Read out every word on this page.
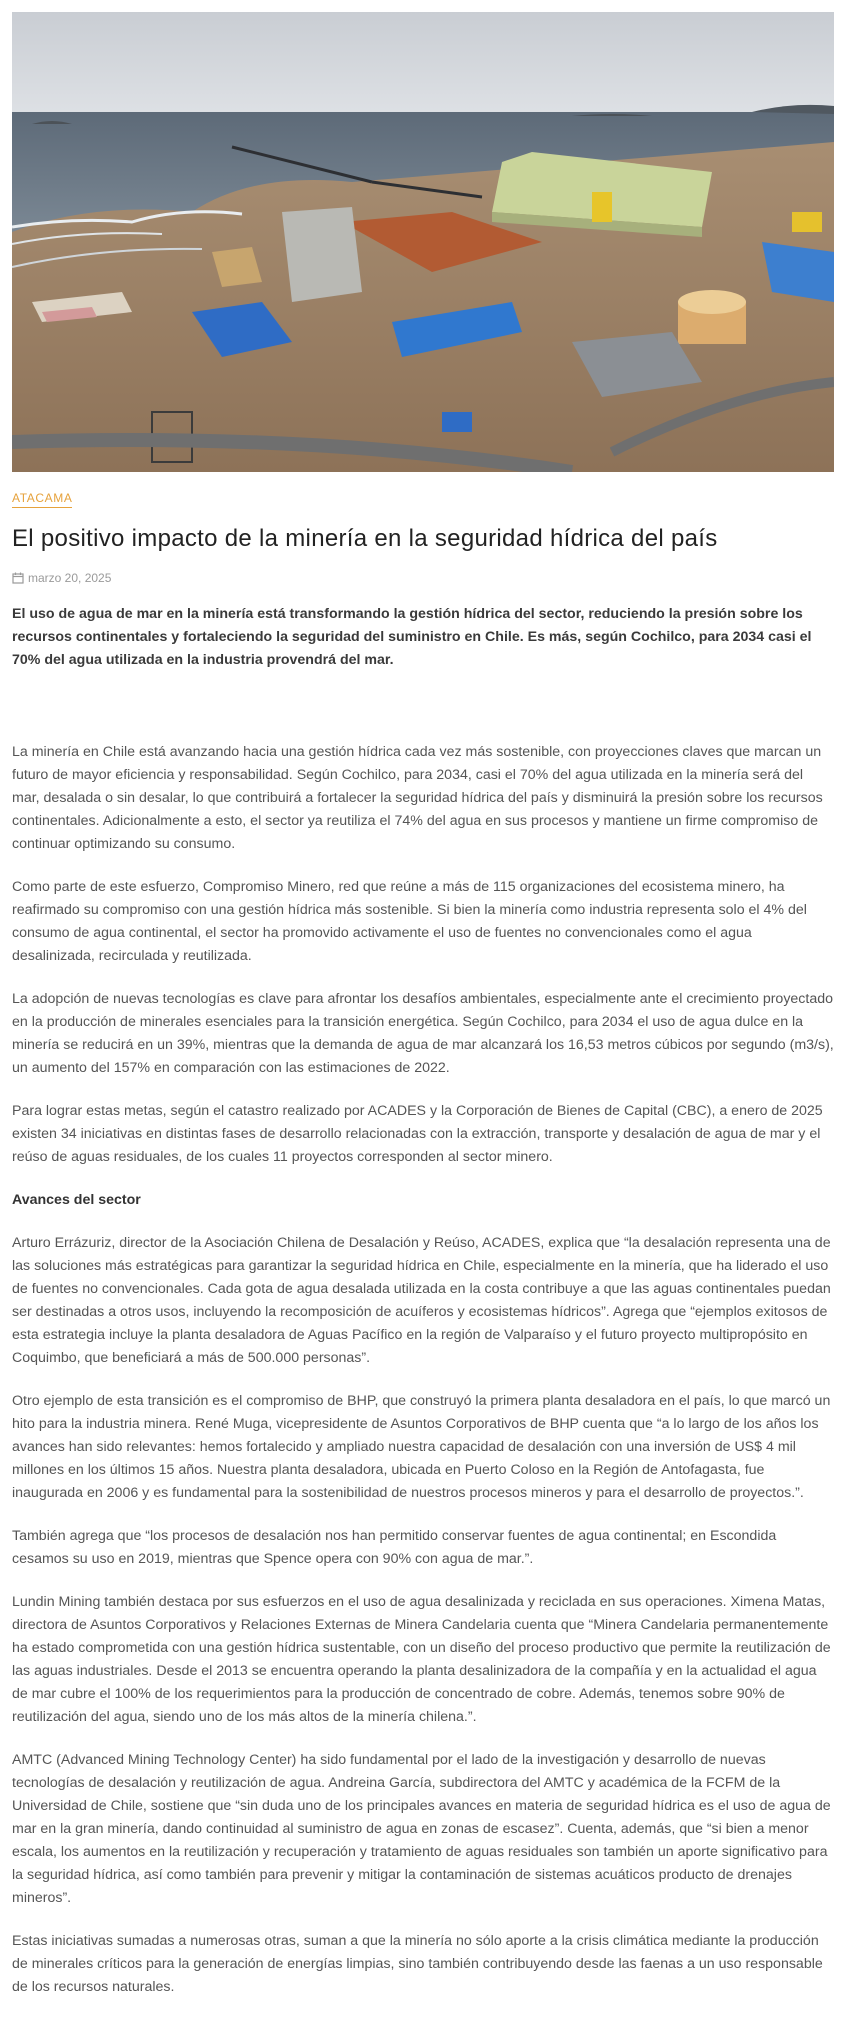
ATACAMA
El positivo impacto de la minería en la seguridad hídrica del país
marzo 20, 2025
El uso de agua de mar en la minería está transformando la gestión hídrica del sector, reduciendo la presión sobre los recursos continentales y fortaleciendo la seguridad del suministro en Chile. Es más, según Cochilco, para 2034 casi el 70% del agua utilizada en la industria provendrá del mar.

La minería en Chile está avanzando hacia una gestión hídrica cada vez más sostenible, con proyecciones claves que marcan un futuro de mayor eficiencia y responsabilidad. Según Cochilco, para 2034, casi el 70% del agua utilizada en la minería será del mar, desalada o sin desalar, lo que contribuirá a fortalecer la seguridad hídrica del país y disminuirá la presión sobre los recursos continentales. Adicionalmente a esto, el sector ya reutiliza el 74% del agua en sus procesos y mantiene un firme compromiso de continuar optimizando su consumo.

Como parte de este esfuerzo, Compromiso Minero, red que reúne a más de 115 organizaciones del ecosistema minero, ha reafirmado su compromiso con una gestión hídrica más sostenible. Si bien la minería como industria representa solo el 4% del consumo de agua continental, el sector ha promovido activamente el uso de fuentes no convencionales como el agua desalinizada, recirculada y reutilizada.

La adopción de nuevas tecnologías es clave para afrontar los desafíos ambientales, especialmente ante el crecimiento proyectado en la producción de minerales esenciales para la transición energética. Según Cochilco, para 2034 el uso de agua dulce en la minería se reducirá en un 39%, mientras que la demanda de agua de mar alcanzará los 16,53 metros cúbicos por segundo (m3/s), un aumento del 157% en comparación con las estimaciones de 2022.

Para lograr estas metas, según el catastro realizado por ACADES y la Corporación de Bienes de Capital (CBC), a enero de 2025 existen 34 iniciativas en distintas fases de desarrollo relacionadas con la extracción, transporte y desalación de agua de mar y el reúso de aguas residuales, de los cuales 11 proyectos corresponden al sector minero.

Avances del sector

Arturo Errázuriz, director de la Asociación Chilena de Desalación y Reúso, ACADES, explica que “la desalación representa una de las soluciones más estratégicas para garantizar la seguridad hídrica en Chile, especialmente en la minería, que ha liderado el uso de fuentes no convencionales. Cada gota de agua desalada utilizada en la costa contribuye a que las aguas continentales puedan ser destinadas a otros usos, incluyendo la recomposición de acuíferos y ecosistemas hídricos”. Agrega que “ejemplos exitosos de esta estrategia incluye la planta desaladora de Aguas Pacífico en la región de Valparaíso y el futuro proyecto multipropósito en Coquimbo, que beneficiará a más de 500.000 personas”.

Otro ejemplo de esta transición es el compromiso de BHP, que construyó la primera planta desaladora en el país, lo que marcó un hito para la industria minera. René Muga, vicepresidente de Asuntos Corporativos de BHP cuenta que “a lo largo de los años los avances han sido relevantes: hemos fortalecido y ampliado nuestra capacidad de desalación con una inversión de US$ 4 mil millones en los últimos 15 años. Nuestra planta desaladora, ubicada en Puerto Coloso en la Región de Antofagasta, fue inaugurada en 2006 y es fundamental para la sostenibilidad de nuestros procesos mineros y para el desarrollo de proyectos.”.

También agrega que “los procesos de desalación nos han permitido conservar fuentes de agua continental; en Escondida cesamos su uso en 2019, mientras que Spence opera con 90% con agua de mar.”.

Lundin Mining también destaca por sus esfuerzos en el uso de agua desalinizada y reciclada en sus operaciones. Ximena Matas, directora de Asuntos Corporativos y Relaciones Externas de Minera Candelaria cuenta que “Minera Candelaria permanentemente ha estado comprometida con una gestión hídrica sustentable, con un diseño del proceso productivo que permite la reutilización de las aguas industriales. Desde el 2013 se encuentra operando la planta desalinizadora de la compañía y en la actualidad el agua de mar cubre el 100% de los requerimientos para la producción de concentrado de cobre. Además, tenemos sobre 90% de reutilización del agua, siendo uno de los más altos de la minería chilena.”.

AMTC (Advanced Mining Technology Center) ha sido fundamental por el lado de la investigación y desarrollo de nuevas tecnologías de desalación y reutilización de agua. Andreina García, subdirectora del AMTC y académica de la FCFM de la Universidad de Chile, sostiene que “sin duda uno de los principales avances en materia de seguridad hídrica es el uso de agua de mar en la gran minería, dando continuidad al suministro de agua en zonas de escasez”. Cuenta, además, que “si bien a menor escala, los aumentos en la reutilización y recuperación y tratamiento de aguas residuales son también un aporte significativo para la seguridad hídrica, así como también para prevenir y mitigar la contaminación de sistemas acuáticos producto de drenajes mineros”.

Estas iniciativas sumadas a numerosas otras, suman a que la minería no sólo aporte a la crisis climática mediante la producción de minerales críticos para la generación de energías limpias, sino también contribuyendo desde las faenas a un uso responsable de los recursos naturales.
